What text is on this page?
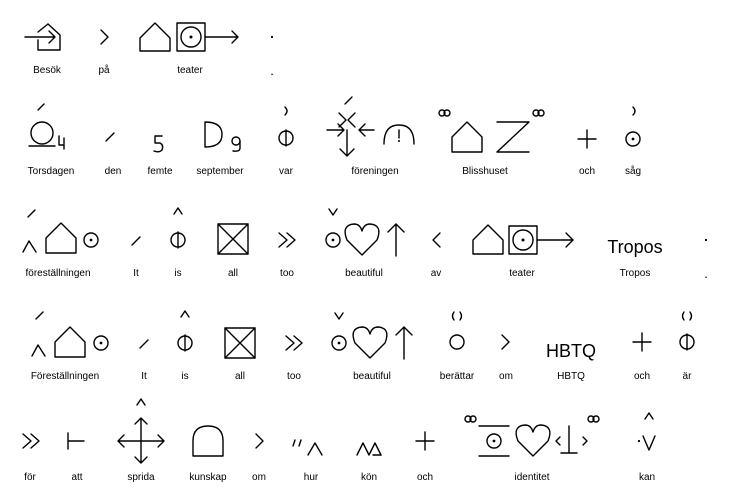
Besök	på	teater	.
Torsdagen	den	femte september	var	föreningen	Blisshuset	och	såg
föreställningen	It	is	all	too	beautiful	av	teater
Tropos
Tropos	.
Föreställningen	It	is	all	too	beautiful	berättar om
HBTQ
HBTQ	och	är
för	att	sprida	kunskap	om	hur	kön	och	identitet	kan
